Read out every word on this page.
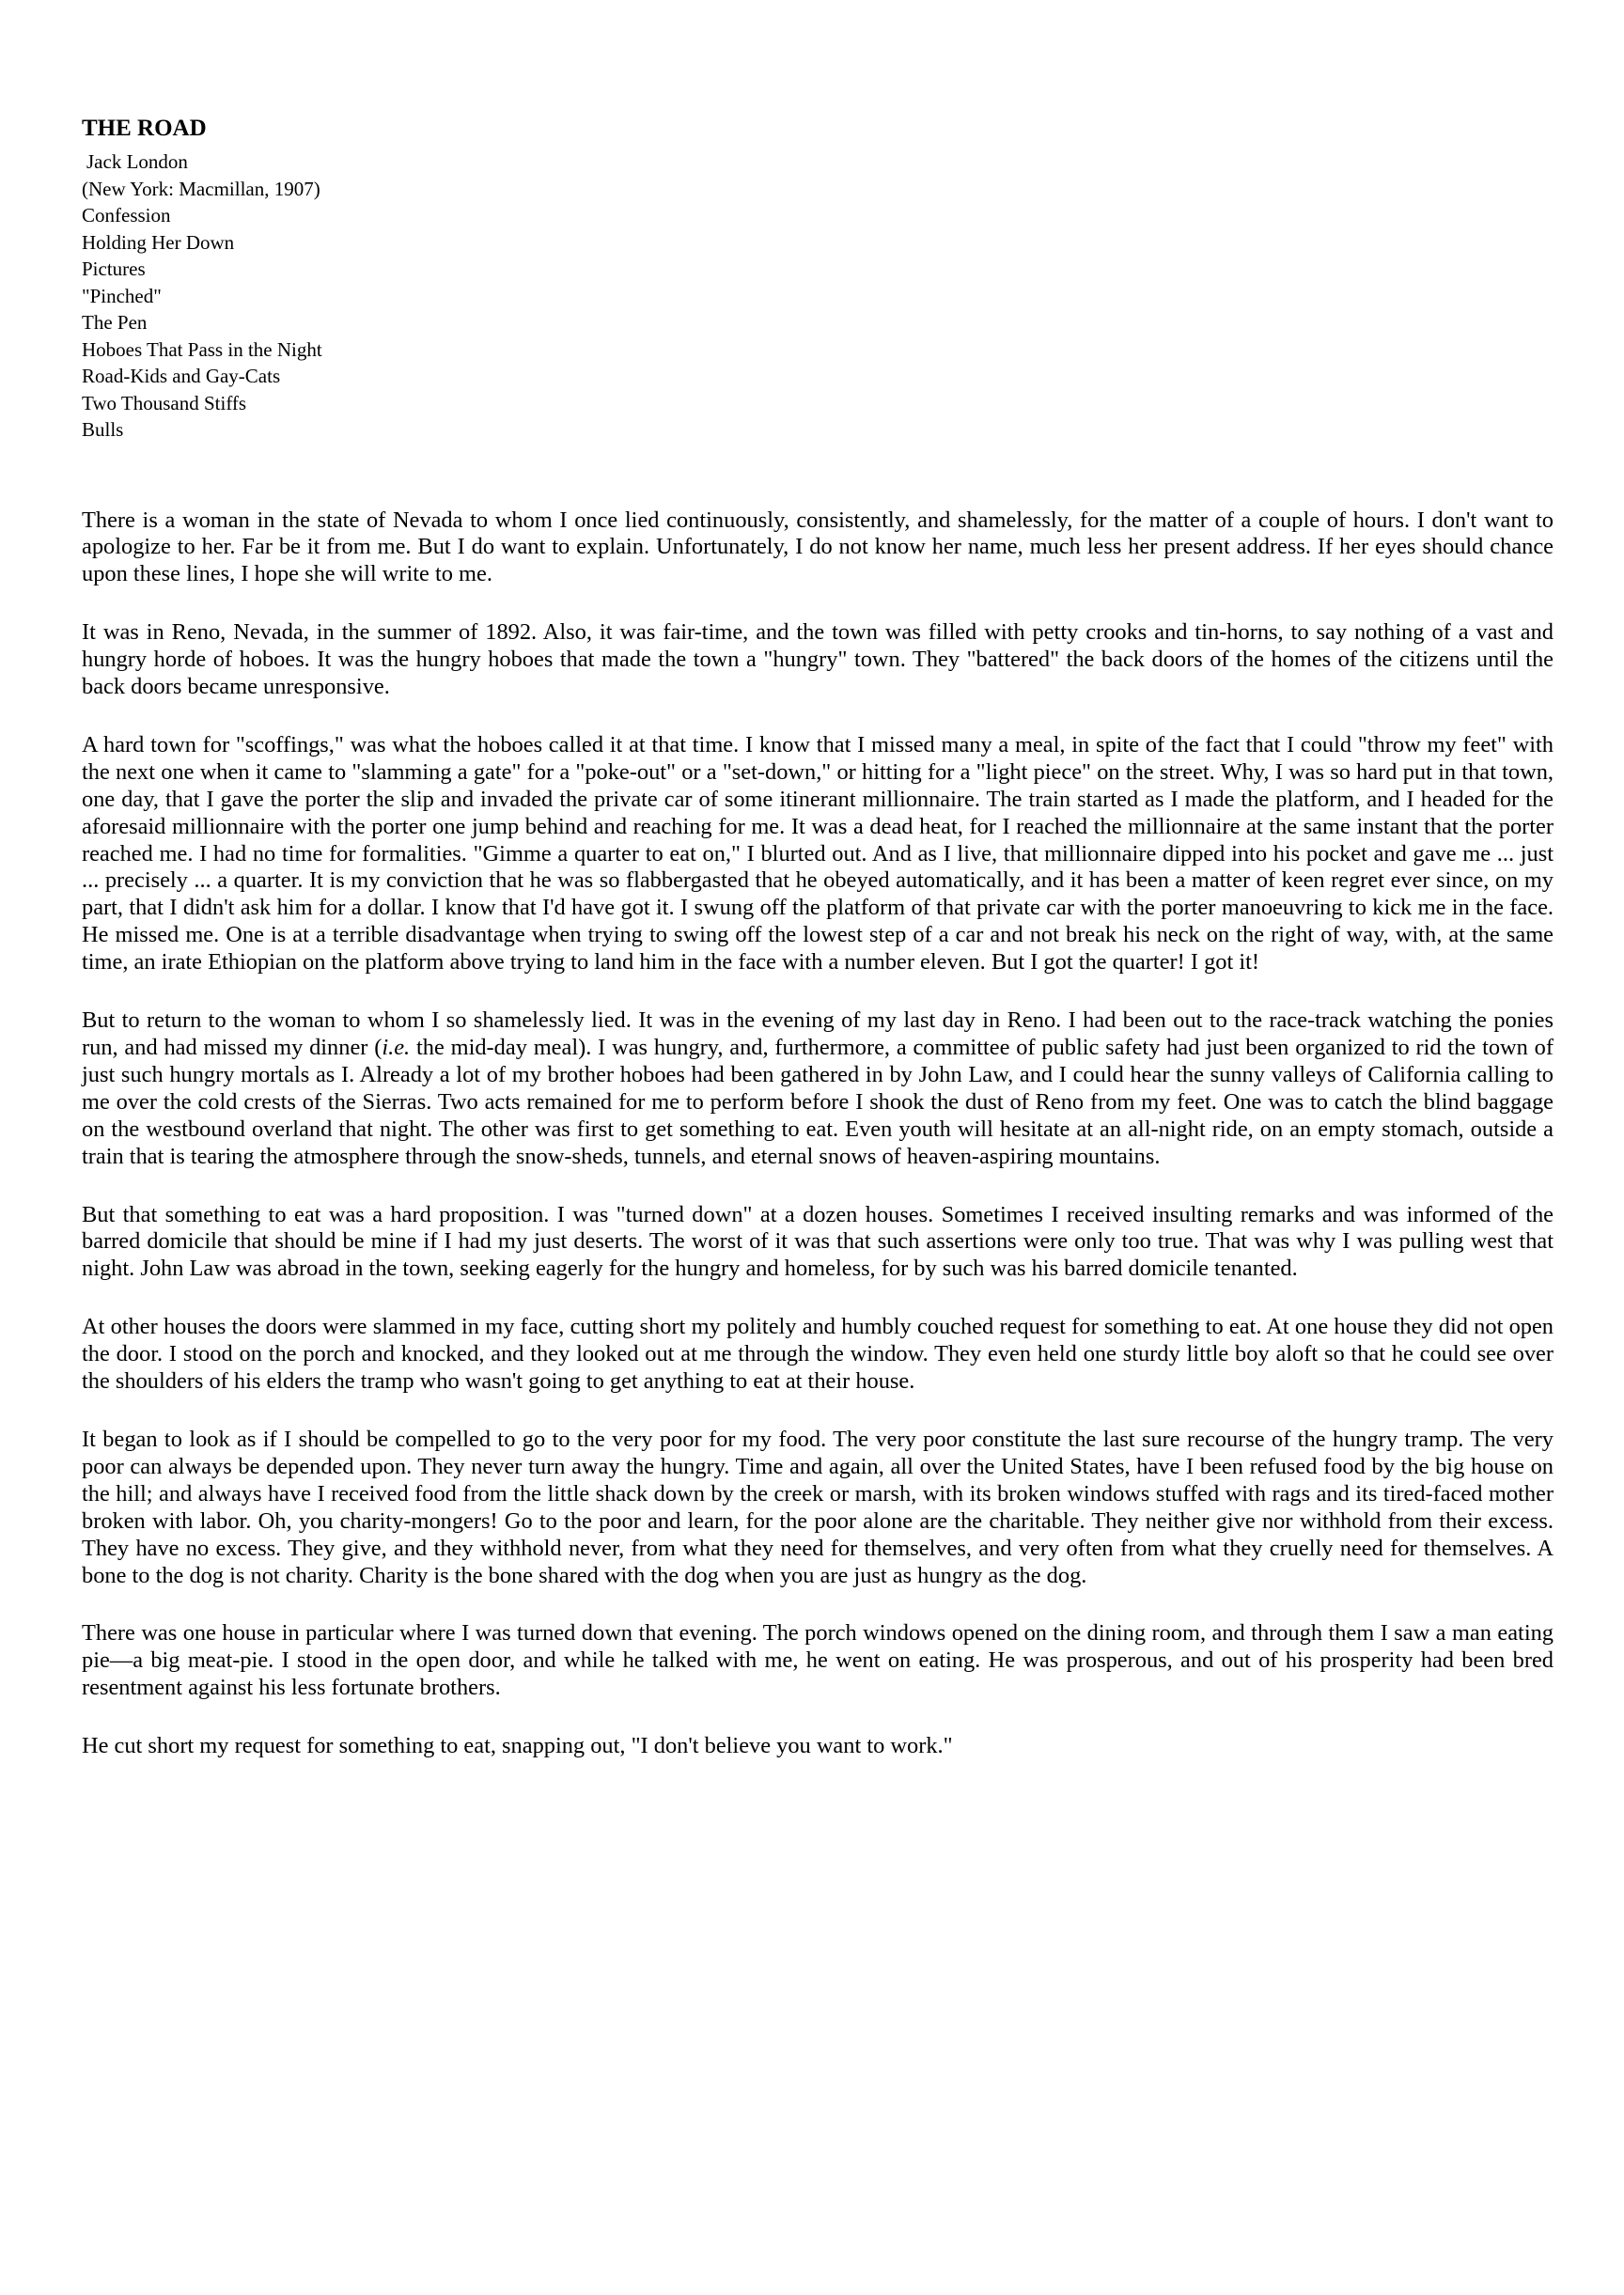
THE ROAD
Jack London
(New York: Macmillan, 1907)
Confession
Holding Her Down
Pictures
"Pinched"
The Pen
Hoboes That Pass in the Night
Road-Kids and Gay-Cats
Two Thousand Stiffs
Bulls

There is a woman in the state of Nevada to whom I once lied continuously, consistently, and shamelessly, for the matter of a couple of hours. I don't want to apologize to her. Far be it from me. But I do want to explain. Unfortunately, I do not know her name, much less her present address. If her eyes should chance upon these lines, I hope she will write to me.

It was in Reno, Nevada, in the summer of 1892. Also, it was fair-time, and the town was filled with petty crooks and tin-horns, to say nothing of a vast and hungry horde of hoboes. It was the hungry hoboes that made the town a "hungry" town. They "battered" the back doors of the homes of the citizens until the back doors became unresponsive.

A hard town for "scoffings," was what the hoboes called it at that time. I know that I missed many a meal, in spite of the fact that I could "throw my feet" with the next one when it came to "slamming a gate" for a "poke-out" or a "set-down," or hitting for a "light piece" on the street. Why, I was so hard put in that town, one day, that I gave the porter the slip and invaded the private car of some itinerant millionnaire. The train started as I made the platform, and I headed for the aforesaid millionnaire with the porter one jump behind and reaching for me. It was a dead heat, for I reached the millionnaire at the same instant that the porter reached me. I had no time for formalities. "Gimme a quarter to eat on," I blurted out. And as I live, that millionnaire dipped into his pocket and gave me ... just ... precisely ... a quarter. It is my conviction that he was so flabbergasted that he obeyed automatically, and it has been a matter of keen regret ever since, on my part, that I didn't ask him for a dollar. I know that I'd have got it. I swung off the platform of that private car with the porter manoeuvring to kick me in the face. He missed me. One is at a terrible disadvantage when trying to swing off the lowest step of a car and not break his neck on the right of way, with, at the same time, an irate Ethiopian on the platform above trying to land him in the face with a number eleven. But I got the quarter! I got it!

But to return to the woman to whom I so shamelessly lied. It was in the evening of my last day in Reno. I had been out to the race-track watching the ponies run, and had missed my dinner (i.e. the mid-day meal). I was hungry, and, furthermore, a committee of public safety had just been organized to rid the town of just such hungry mortals as I. Already a lot of my brother hoboes had been gathered in by John Law, and I could hear the sunny valleys of California calling to me over the cold crests of the Sierras. Two acts remained for me to perform before I shook the dust of Reno from my feet. One was to catch the blind baggage on the westbound overland that night. The other was first to get something to eat. Even youth will hesitate at an all-night ride, on an empty stomach, outside a train that is tearing the atmosphere through the snow-sheds, tunnels, and eternal snows of heaven-aspiring mountains.

But that something to eat was a hard proposition. I was "turned down" at a dozen houses. Sometimes I received insulting remarks and was informed of the barred domicile that should be mine if I had my just deserts. The worst of it was that such assertions were only too true. That was why I was pulling west that night. John Law was abroad in the town, seeking eagerly for the hungry and homeless, for by such was his barred domicile tenanted.

At other houses the doors were slammed in my face, cutting short my politely and humbly couched request for something to eat. At one house they did not open the door. I stood on the porch and knocked, and they looked out at me through the window. They even held one sturdy little boy aloft so that he could see over the shoulders of his elders the tramp who wasn't going to get anything to eat at their house.

It began to look as if I should be compelled to go to the very poor for my food. The very poor constitute the last sure recourse of the hungry tramp. The very poor can always be depended upon. They never turn away the hungry. Time and again, all over the United States, have I been refused food by the big house on the hill; and always have I received food from the little shack down by the creek or marsh, with its broken windows stuffed with rags and its tired-faced mother broken with labor. Oh, you charity-mongers! Go to the poor and learn, for the poor alone are the charitable. They neither give nor withhold from their excess. They have no excess. They give, and they withhold never, from what they need for themselves, and very often from what they cruelly need for themselves. A bone to the dog is not charity. Charity is the bone shared with the dog when you are just as hungry as the dog.

There was one house in particular where I was turned down that evening. The porch windows opened on the dining room, and through them I saw a man eating pie—a big meat-pie. I stood in the open door, and while he talked with me, he went on eating. He was prosperous, and out of his prosperity had been bred resentment against his less fortunate brothers.

He cut short my request for something to eat, snapping out, "I don't believe you want to work."
